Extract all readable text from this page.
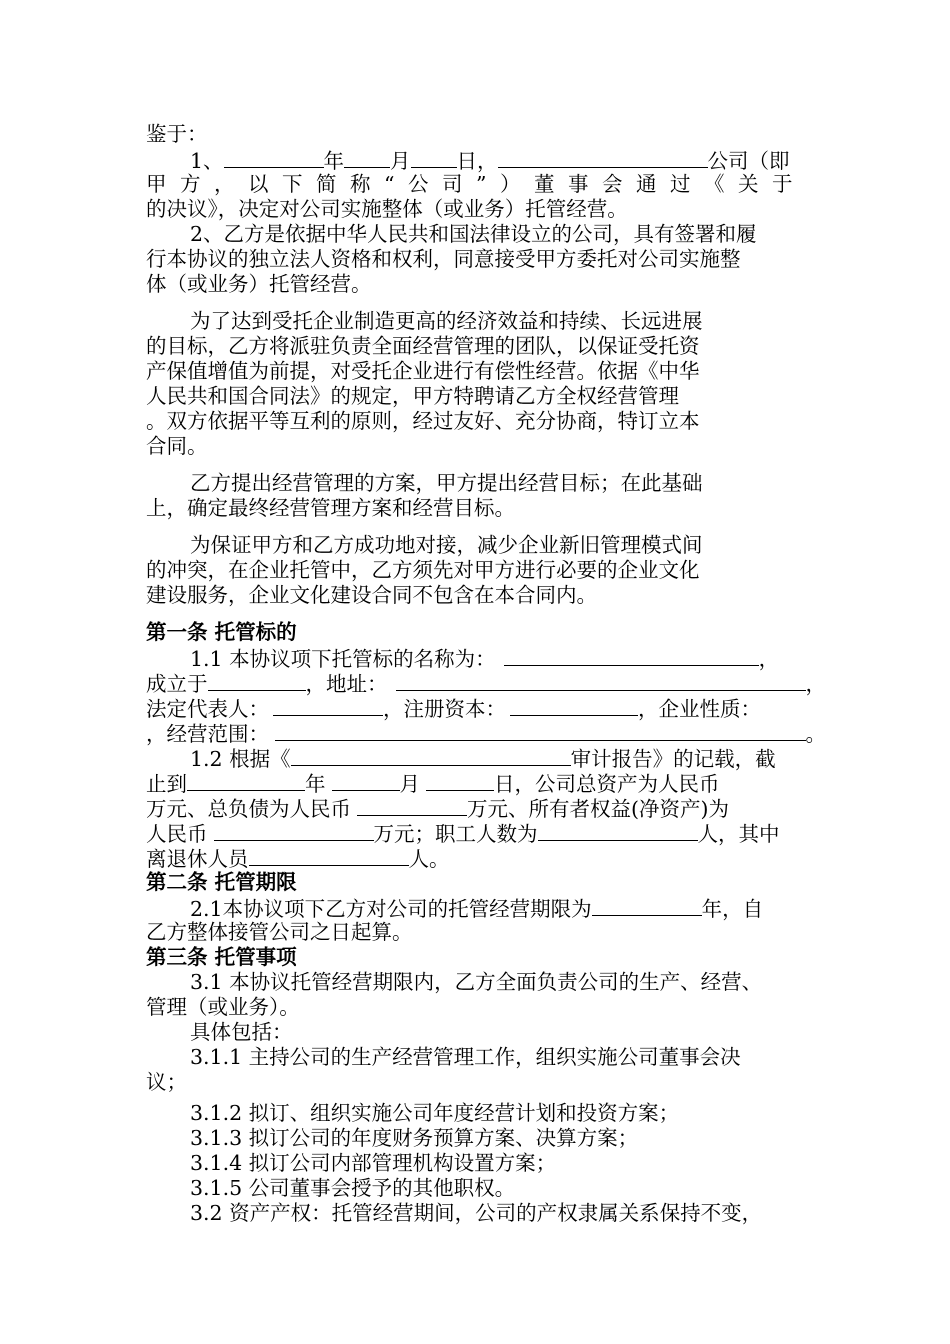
鉴于：
1、	年 月 日，	公司（即
甲方，以下简称“公司”）董事会通过《关于
的决议》，决定对公司实施整体（或业务）托管经营。
2、乙方是依据中华人民共和国法律设立的公司，具有签署和履
行本协议的独立法人资格和权利，同意接受甲方委托对公司实施整
体（或业务）托管经营。
为了达到受托企业制造更高的经济效益和持续、长远进展
的目标，乙方将派驻负责全面经营管理的团队，以保证受托资
产保值增值为前提，对受托企业进行有偿性经营。依据《中华
人民共和国合同法》的规定，甲方特聘请乙方全权经营管理
。双方依据平等互利的原则，经过友好、充分协商，特订立本
合同。
乙方提出经营管理的方案，甲方提出经营目标；在此基础
上，确定最终经营管理方案和经营目标。
为保证甲方和乙方成功地对接，减少企业新旧管理模式间
的冲突，在企业托管中，乙方须先对甲方进行必要的企业文化
建设服务，企业文化建设合同不包含在本合同内。
第一条 托管标的
1.1 本协议项下托管标的名称为：	，
成立于	，地址：	，
法定代表人：	，注册资本：	，企业性质：
，经营范围：	。
1.2 根据《	审计报告》的记载，截
止到	年	月	日，公司总资产为人民币
万元、总负债为人民币	万元、所有者权益(净资产)为
人民币	万元；职工人数为	人，其中
离退休人员	人。
第二条 托管期限
2.1本协议项下乙方对公司的托管经营期限为	年，自
乙方整体接管公司之日起算。
第三条 托管事项
3.1 本协议托管经营期限内，乙方全面负责公司的生产、经营、
管理（或业务）。
具体包括：
3.1.1 主持公司的生产经营管理工作，组织实施公司董事会决
议；
3.1.2 拟订、组织实施公司年度经营计划和投资方案；
3.1.3 拟订公司的年度财务预算方案、决算方案；
3.1.4 拟订公司内部管理机构设置方案；
3.1.5 公司董事会授予的其他职权。
3.2 资产产权：托管经营期间，公司的产权隶属关系保持不变，
